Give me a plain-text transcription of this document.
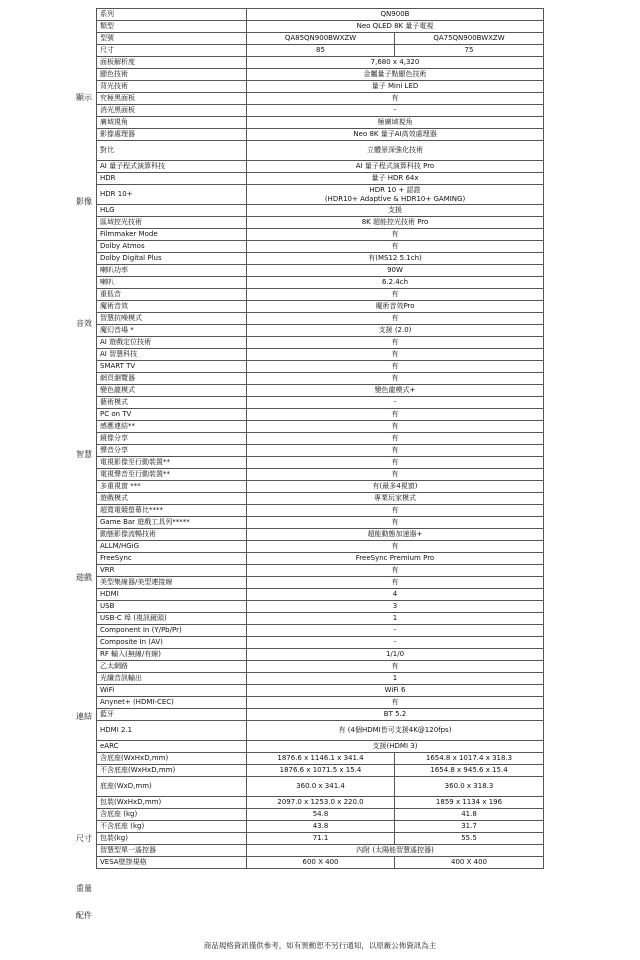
系列	QN900B	
類型	Neo QLED 8K 量子電視	
型號	QA85QN900BWXZW	QA75QN900BWXZW
尺寸	85	75
面板解析度	7,680 x 4,320	
顯色技術	金屬量子點顯色技術	
背光技術	量子 Mini LED	
究極黑面板	有	
消光黑面板	-	
廣域視角	極廣域視角	
影像處理器	Neo 8K 量子AI高效處理器	
對比	立體景深強化技術	
AI 量子程式演算科技	AI 量子程式演算科技 Pro	
HDR	量子 HDR 64x	
HDR 10+	HDR 10 + 認證
(HDR10+ Adaptive & HDR10+ GAMING)	

HLG	支援	
區域控光技術	8K 超能控光技術 Pro	
Filmmaker Mode	有	
Dolby Atmos	有	
Dolby Digital Plus	有(MS12 5.1ch)	
喇叭功率	90W	
喇叭	6.2.4ch	
重低音	有	
魔術音效	魔術音效Pro	
智慧抗噪模式	有	
魔幻音場 *	支援 (2.0)	
AI 遊戲定位技術	有	
AI 智慧科技	有	
SMART TV	有	
網頁瀏覽器	有	
變色龍模式	變色龍模式+	
藝術模式	-	
PC on TV	有	
感應連結**	有	
鏡像分享	有	
聲音分享	有	
電視影像至行動裝置**	有	
電視聲音至行動裝置**	有	
多重視窗 ***	有(最多4視窗)	
遊戲模式	專業玩家模式	
超寬電競螢幕比****	有	
Game Bar 遊戲工具列*****	有	
動態影像流暢技術	超能動態加速器+	
ALLM/HGiG	有	
FreeSync	FreeSync Premium Pro	
VRR	有	
美型集線器/美型連接線	有	
HDMI	4	
USB	3	
USB-C 埠 (視訊鏡頭)	1	
Component In (Y/Pb/Pr)	-	
Composite In (AV)	-	
RF 輸入(無線/有線)	1/1/0	
乙太網路	有	
光纖音訊輸出	1	
WiFi	WiFi 6	
Anynet+ (HDMI-CEC)	有	
藍牙	BT 5.2	
HDMI 2.1	有 (4個HDMI皆可支援4K@120fps)	
eARC	支援(HDMI 3)	
含底座(WxHxD,mm)	1876.6 x 1146.1 x 341.4	1654.8 x 1017.4 x 318.3
不含底座(WxHxD,mm)	1876.6 x 1071.5 x 15.4	1654.8 x 945.6 x 15.4
底座(WxD,mm)	360.0 x 341.4	360.0 x 318.3
包裝(WxHxD,mm)	2097.0 x 1253.0 x 220.0	1859 x 1134 x 196
含底座 (kg)	54.8	41.8
不含底座 (kg)	43.8	31.7
包裝(kg)	71.1	55.5
智慧型單一遙控器	內附 (太陽能智慧遙控器)	
VESA壁掛規格	600 X 400	400 X 400
顯示
影像
音效
智慧
遊戲
連結
尺寸
重量
配件
商品規格資訊僅供參考，如有異動恕不另行通知，以原廠公佈資訊為主
